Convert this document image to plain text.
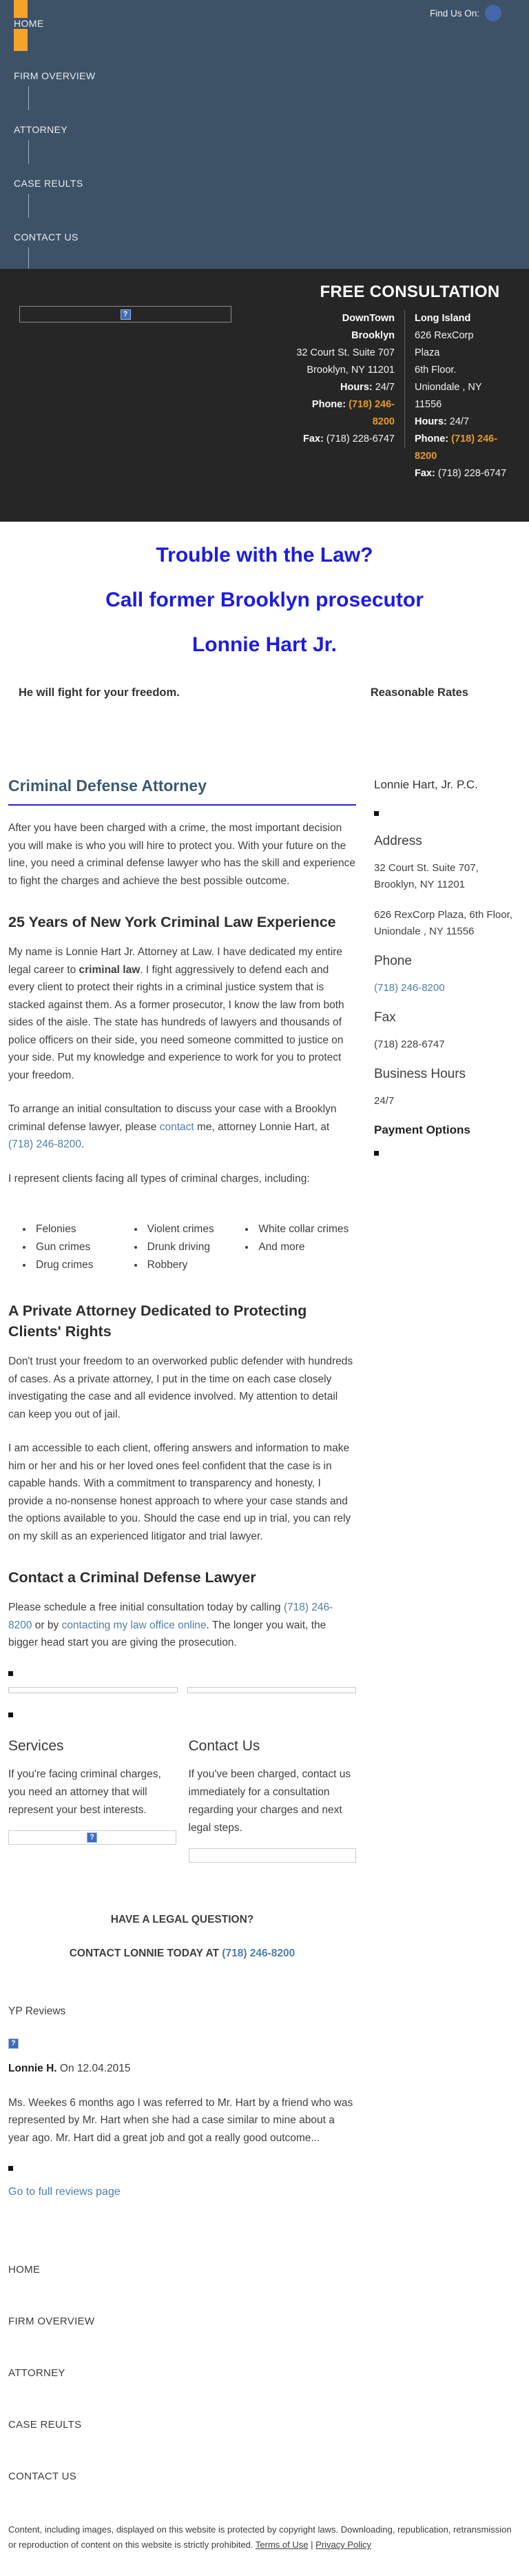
Find Us On:
HOME
FIRM OVERVIEW
ATTORNEY
CASE REULTS
CONTACT US
?
FREE CONSULTATION
DownTown Brooklyn
32 Court St. Suite 707
Brooklyn, NY 11201
Hours: 24/7
Phone: (718) 246-8200
Fax: (718) 228-6747
Long Island
626 RexCorp
Plaza
6th Floor.
Uniondale , NY
11556
Hours: 24/7
Phone: (718) 246-8200
Fax: (718) 228-6747

Trouble with the Law?

Call former Brooklyn prosecutor

Lonnie Hart Jr.

He will fight for your freedom.	Reasonable Rates
Criminal Defense Attorney

After you have been charged with a crime, the most important decision you will make is who you will hire to protect you. With your future on the line, you need a criminal defense lawyer who has the skill and experience to fight the charges and achieve the best possible outcome.

25 Years of New York Criminal Law Experience

My name is Lonnie Hart Jr. Attorney at Law. I have dedicated my entire legal career to criminal law. I fight aggressively to defend each and every client to protect their rights in a criminal justice system that is stacked against them. As a former prosecutor, I know the law from both sides of the aisle. The state has hundreds of lawyers and thousands of police officers on their side, you need someone committed to justice on your side. Put my knowledge and experience to work for you to protect your freedom.

To arrange an initial consultation to discuss your case with a Brooklyn criminal defense lawyer, please contact me, attorney Lonnie Hart, at (718) 246-8200.

I represent clients facing all types of criminal charges, including:

• Felonies
• Gun crimes
• Drug crimes
• Violent crimes
• Drunk driving
• Robbery
• White collar crimes
• And more
A Private Attorney Dedicated to Protecting Clients' Rights

Don't trust your freedom to an overworked public defender with hundreds of cases. As a private attorney, I put in the time on each case closely investigating the case and all evidence involved. My attention to detail can keep you out of jail.

I am accessible to each client, offering answers and information to make him or her and his or her loved ones feel confident that the case is in capable hands. With a commitment to transparency and honesty, I provide a no-nonsense honest approach to where your case stands and the options available to you. Should the case end up in trial, you can rely on my skill as an experienced litigator and trial lawyer.

Contact a Criminal Defense Lawyer

Please schedule a free initial consultation today by calling (718) 246-8200 or by contacting my law office online. The longer you wait, the bigger head start you are giving the prosecution.

Services

If you're facing criminal charges, you need an attorney that will represent your best interests.

?
Contact Us

If you've been charged, contact us immediately for a consultation regarding your charges and next legal steps.

HAVE A LEGAL QUESTION?

CONTACT LONNIE TODAY AT (718) 246-8200

YP Reviews

?

Lonnie H. On 12.04.2015

Ms. Weekes 6 months ago I was referred to Mr. Hart by a friend who was represented by Mr. Hart when she had a case similar to mine about a year ago. Mr. Hart did a great job and got a really good outcome...

Go to full reviews page

Lonnie Hart, Jr. P.C.

Address

32 Court St. Suite 707, Brooklyn, NY 11201

626 RexCorp Plaza, 6th Floor, Uniondale , NY 11556

Phone

(718) 246-8200

Fax

(718) 228-6747

Business Hours

24/7

Payment Options

HOME
FIRM OVERVIEW
ATTORNEY
CASE REULTS
CONTACT US

Content, including images, displayed on this website is protected by copyright laws. Downloading, republication, retransmission or reproduction of content on this website is strictly prohibited. Terms of Use | Privacy Policy
